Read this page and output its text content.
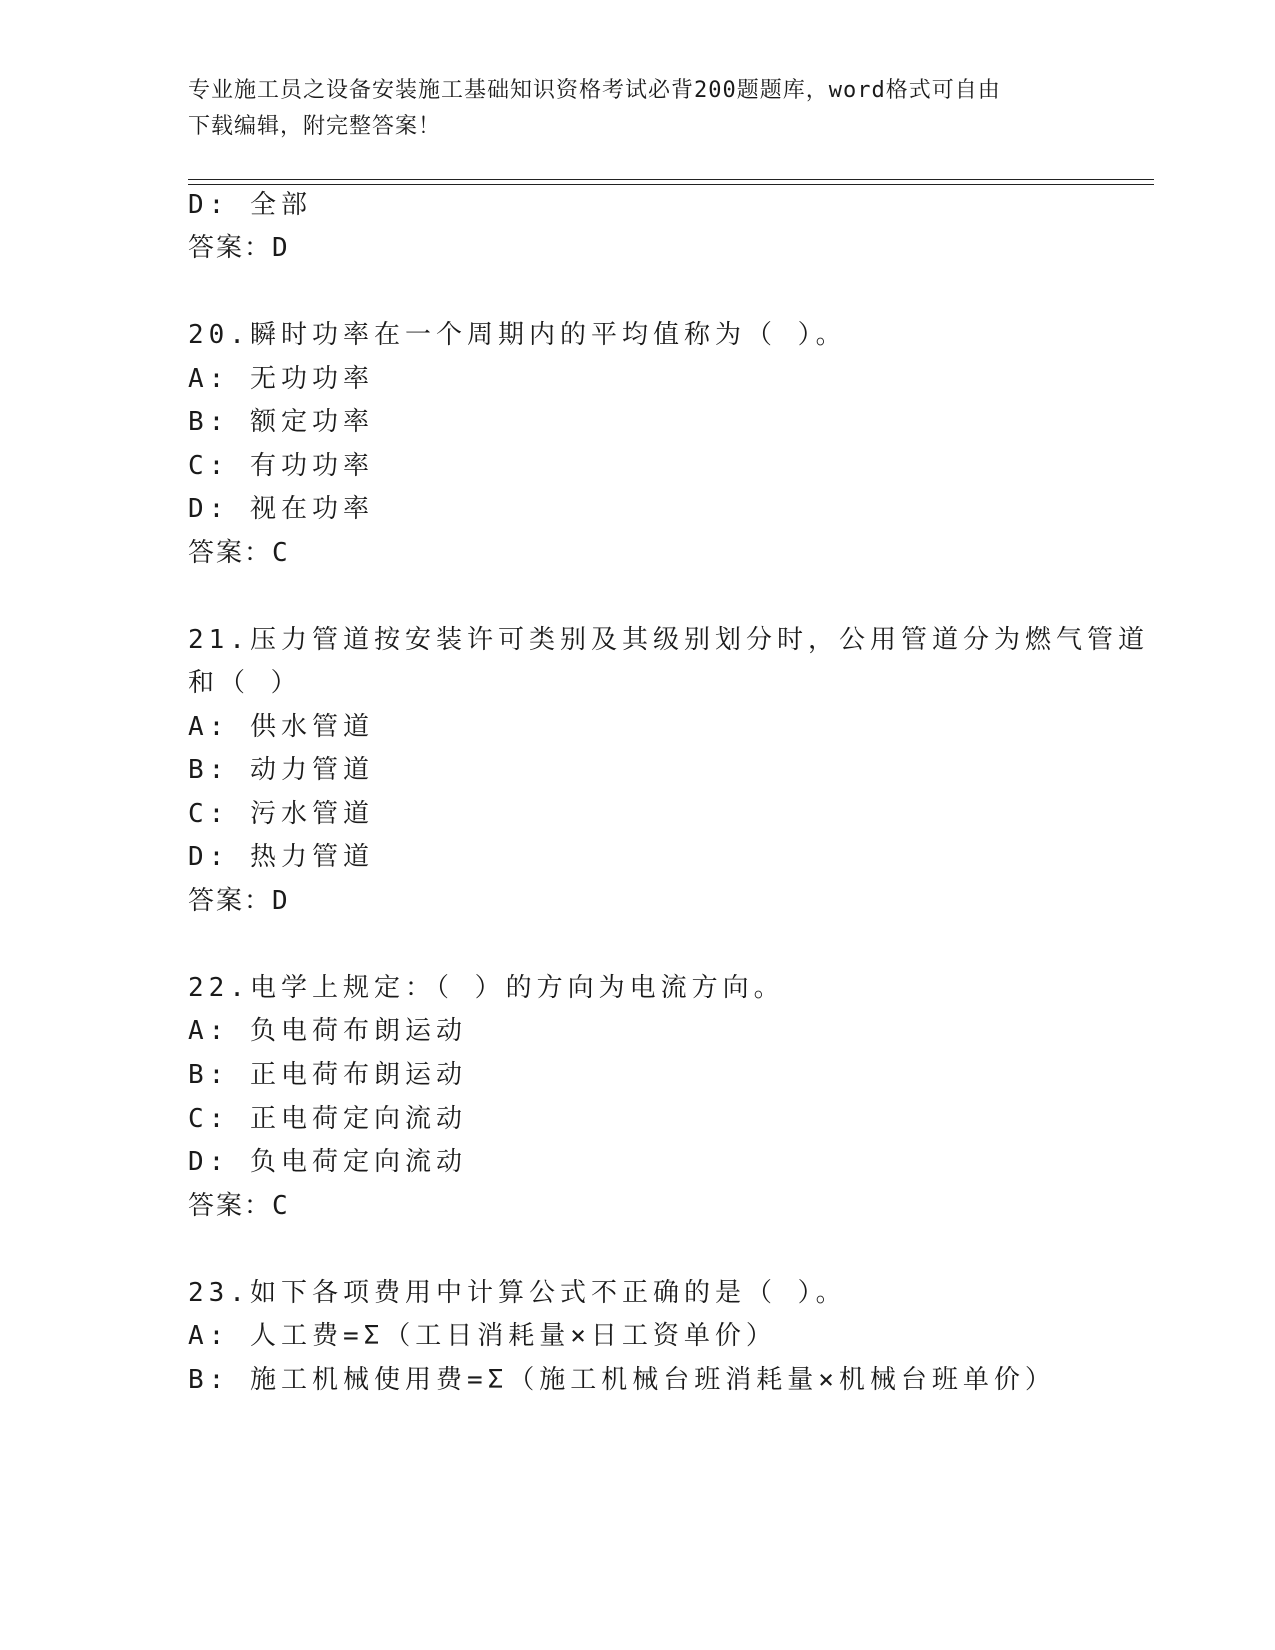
专业施工员之设备安装施工基础知识资格考试必背200题题库，word格式可自由
下载编辑，附完整答案！
D: 全部
答案：D
20.瞬时功率在一个周期内的平均值称为（ ）。
A: 无功功率
B: 额定功率
C: 有功功率
D: 视在功率
答案：C
21.压力管道按安装许可类别及其级别划分时，公用管道分为燃气管道
和（ ）
A: 供水管道
B: 动力管道
C: 污水管道
D: 热力管道
答案：D
22.电学上规定：（ ）的方向为电流方向。
A: 负电荷布朗运动
B: 正电荷布朗运动
C: 正电荷定向流动
D: 负电荷定向流动
答案：C
23.如下各项费用中计算公式不正确的是（ ）。
A: 人工费=Σ（工日消耗量×日工资单价）
B: 施工机械使用费=Σ（施工机械台班消耗量×机械台班单价）
